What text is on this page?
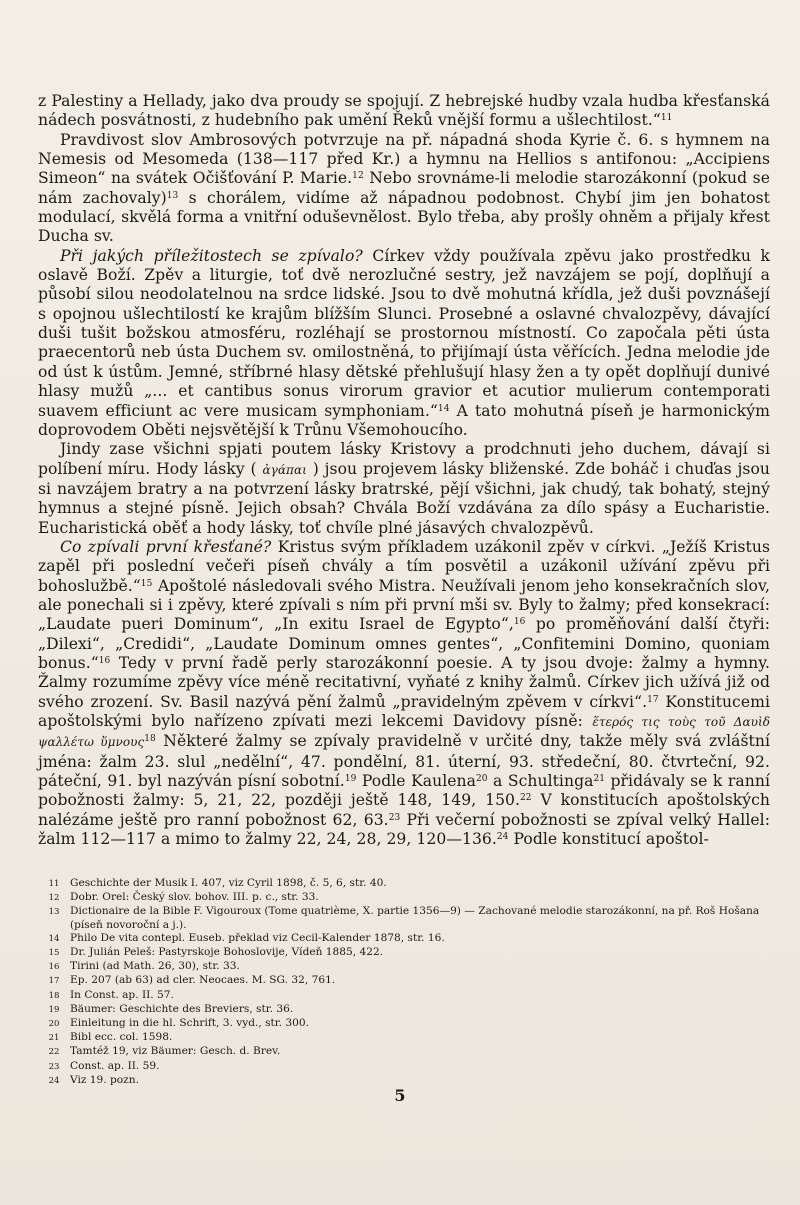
z Palestiny a Hellady, jako dva proudy se spojují. Z hebrejské hudby vzala hudba křesťanská nádech posvátnosti, z hudebního pak umění Řeků vnější formu a ušlechtilost.“$^{11}$

Pravdivost slov Ambrosových potvrzuje na př. nápadná shoda Kyrie č. 6. s hymnem na Nemesis od Mesomeda (138—117 před Kr.) a hymnu na Hellios s antifonou: „Accipiens Simeon“ na svátek Očišťování P. Marie.$^{12}$ Nebo srovnáme-li melodie starozákonní (pokud se nám zachovaly)$^{13}$ s chorálem, vidíme až nápadnou podobnost. Chybí jim jen bohatost modulací, skvělá forma a vnitřní oduševnělost. Bylo třeba, aby prošly ohněm a přijaly křest Ducha sv.

Při jakých příležitostech se zpívalo? Církev vždy používala zpěvu jako prostředku k oslavě Boží. Zpěv a liturgie, toť dvě nerozlučné sestry, jež navzájem se pojí, doplňují a působí silou neodolatelnou na srdce lidské. Jsou to dvě mohutná křídla, jež duši povznášejí s opojnou ušlechtilostí ke krajům blížším Slunci. Prosebné a oslavné chvalozpěvy, dávající duši tušit božskou atmosféru, rozléhají se prostornou místností. Co započala pěti ústa praecentorů neb ústa Duchem sv. omilostněná, to přijímají ústa věřících. Jedna melodie jde od úst k ústům. Jemné, stříbrné hlasy dětské přehlušují hlasy žen a ty opět doplňují dunivé hlasy mužů „... et cantibus sonus virorum gravior et acutior mulierum contemporati suavem efficiunt ac vere musicam symphoniam.“$^{14}$ A tato mohutná píseň je harmonickým doprovodem Oběti nejsvětější k Trůnu Všemohoucího.

Jindy zase všichni spjati poutem lásky Kristovy a prodchnuti jeho duchem, dávají si políbení míru. Hody lásky ( ἀγάπαι ) jsou projevem lásky bliženské. Zde boháč i chuďas jsou si navzájem bratry a na potvrzení lásky bratrské, pějí všichni, jak chudý, tak bohatý, stejný hymnus a stejné písně. Jejich obsah? Chvála Boží vzdávána za dílo spásy a Eucharistie. Eucharistická oběť a hody lásky, toť chvíle plné jásavých chvalozpěvů.

Co zpívali první křesťané? Kristus svým příkladem uzákonil zpěv v církvi. „Ježíš Kristus zapěl při poslední večeři píseň chvály a tím posvětil a uzákonil užívání zpěvu při bohoslužbě.“$^{15}$ Apoštolé následovali svého Mistra. Neužívali jenom jeho konsekračních slov, ale ponechali si i zpěvy, které zpívali s ním při první mši sv. Byly to žalmy; před konsekrací: „Laudate pueri Dominum“, „In exitu Israel de Egypto“,$^{16}$ po proměňování další čtyři: „Dilexi“, „Credidi“, „Laudate Dominum omnes gentes“, „Confitemini Domino, quoniam bonus.“$^{16}$ Tedy v první řadě perly starozákonní poesie. A ty jsou dvoje: žalmy a hymny. Žalmy rozumíme zpěvy více méně recitativní, vyňaté z knihy žalmů. Církev jich užívá již od svého zrození. Sv. Basil nazývá pění žalmů „pravidelným zpěvem v církvi“.$^{17}$ Konstitucemi apoštolskými bylo nařízeno zpívati mezi lekcemi Davidovy písně: ἕτερός τις τοὺς τοῦ Δαυὶδ ψαλλέτω ὕμνους$^{18}$ Některé žalmy se zpívaly pravidelně v určité dny, takže měly svá zvláštní jména: žalm 23. slul „nedělní“, 47. pondělní, 81. úterní, 93. středeční, 80. čtvrteční, 92. páteční, 91. byl nazýván písní sobotní.$^{19}$ Podle Kaulena$^{20}$ a Schultinga$^{21}$ přidávaly se k ranní pobožnosti žalmy: 5, 21, 22, později ještě 148, 149, 150.22 V konstitucích apoštolských nalézáme ještě pro ranní pobožnost 62, 63.23 Při večerní pobožnosti se zpíval velký Hallel: žalm 112—117 a mimo to žalmy 22, 24, 28, 29, 120—136.24 Podle konstitucí apoštol-

11 Geschichte der Musik I. 407, viz Cyril 1898, č. 5, 6, str. 40.
12 Dobr. Orel: Český slov. bohov. III. p. c., str. 33.
13 Dictionaire de la Bible F. Vigouroux (Tome quatrième, X. partie 1356—9) — Zachované melodie starozákonní, na př. Roš Hošana (píseň novoroční a j.).
14 Philo De vita contepl. Euseb. překlad viz Cecil-Kalender 1878, str. 16.
15 Dr. Julián Peleš: Pastyrskoje Bohoslovije, Vídeň 1885, 422.
16 Tirini (ad Math. 26, 30), str. 33.
17 Ep. 207 (ab 63) ad cler. Neocaes. M. SG. 32, 761.
18 In Const. ap. II. 57.
19 Bäumer: Geschichte des Breviers, str. 36.
20 Einleitung in die hl. Schrift, 3. vyd., str. 300.
21 Bibl ecc. col. 1598.
22 Tamtéž 19, viz Bäumer: Gesch. d. Brev.
23 Const. ap. II. 59.
24 Viz 19. pozn.
5
